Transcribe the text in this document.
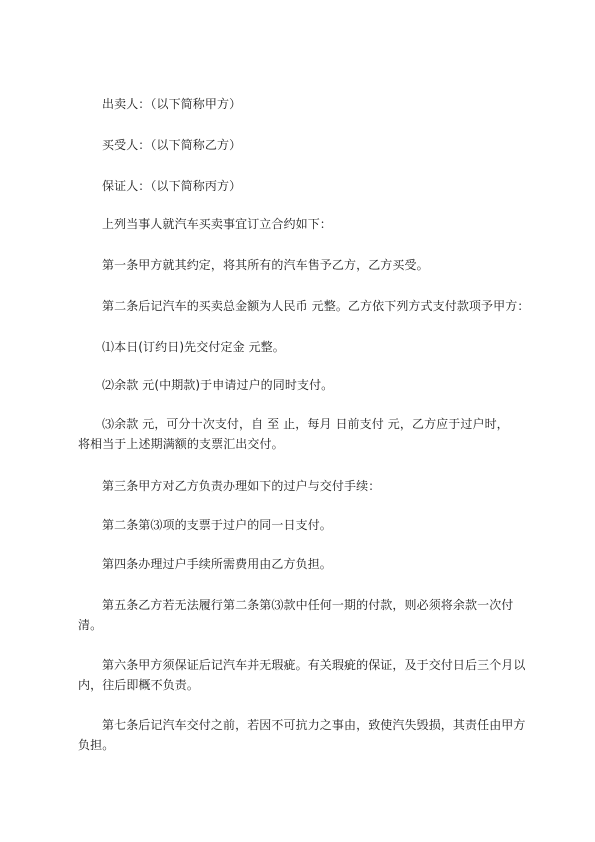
出卖人：（以下简称甲方）
买受人：（以下简称乙方）
保证人：（以下简称丙方）
上列当事人就汽车买卖事宜订立合约如下：
第一条甲方就其约定，将其所有的汽车售予乙方，乙方买受。
第二条后记汽车的买卖总金额为人民币 元整。乙方依下列方式支付款项予甲方：
⑴本日(订约日)先交付定金 元整。
⑵余款 元(中期款)于申请过户的同时支付。
⑶余款 元，可分十次支付，自 至 止，每月 日前支付 元，乙方应于过户时，
将相当于上述期满额的支票汇出交付。
第三条甲方对乙方负责办理如下的过户与交付手续：
第二条第⑶项的支票于过户的同一日支付。
第四条办理过户手续所需费用由乙方负担。
第五条乙方若无法履行第二条第⑶款中任何一期的付款，则必须将余款一次付
清。
第六条甲方须保证后记汽车并无瑕疵。有关瑕疵的保证，及于交付日后三个月以
内，往后即概不负责。
第七条后记汽车交付之前，若因不可抗力之事由，致使汽失毁损，其责任由甲方
负担。
